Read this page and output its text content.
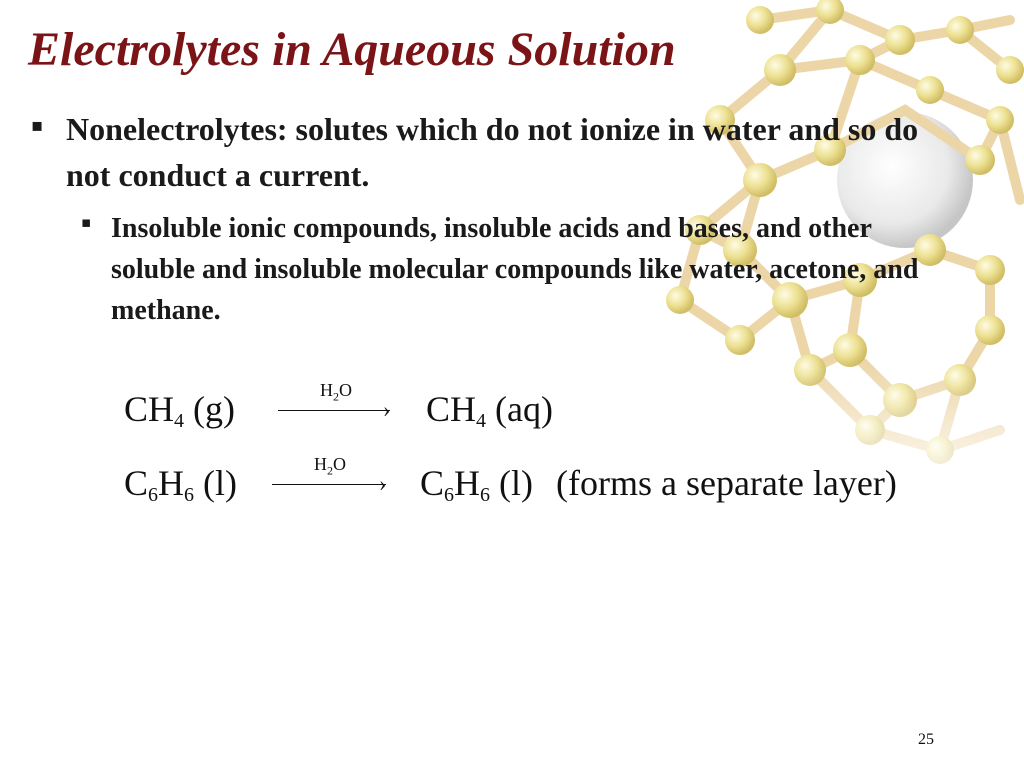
Electrolytes in Aqueous Solution
▪ Nonelectrolytes: solutes which do not ionize in water and so do not conduct a current.
▪ Insoluble ionic compounds, insoluble acids and bases, and other soluble and insoluble molecular compounds like water, acetone, and methane.
$CH_4$ (g)	$H_2O$
› $CH_4$ (aq)
$C_6H_6$ (l)	$H_2O$
› $C_6H_6$ (l) (forms a separate layer)
25
